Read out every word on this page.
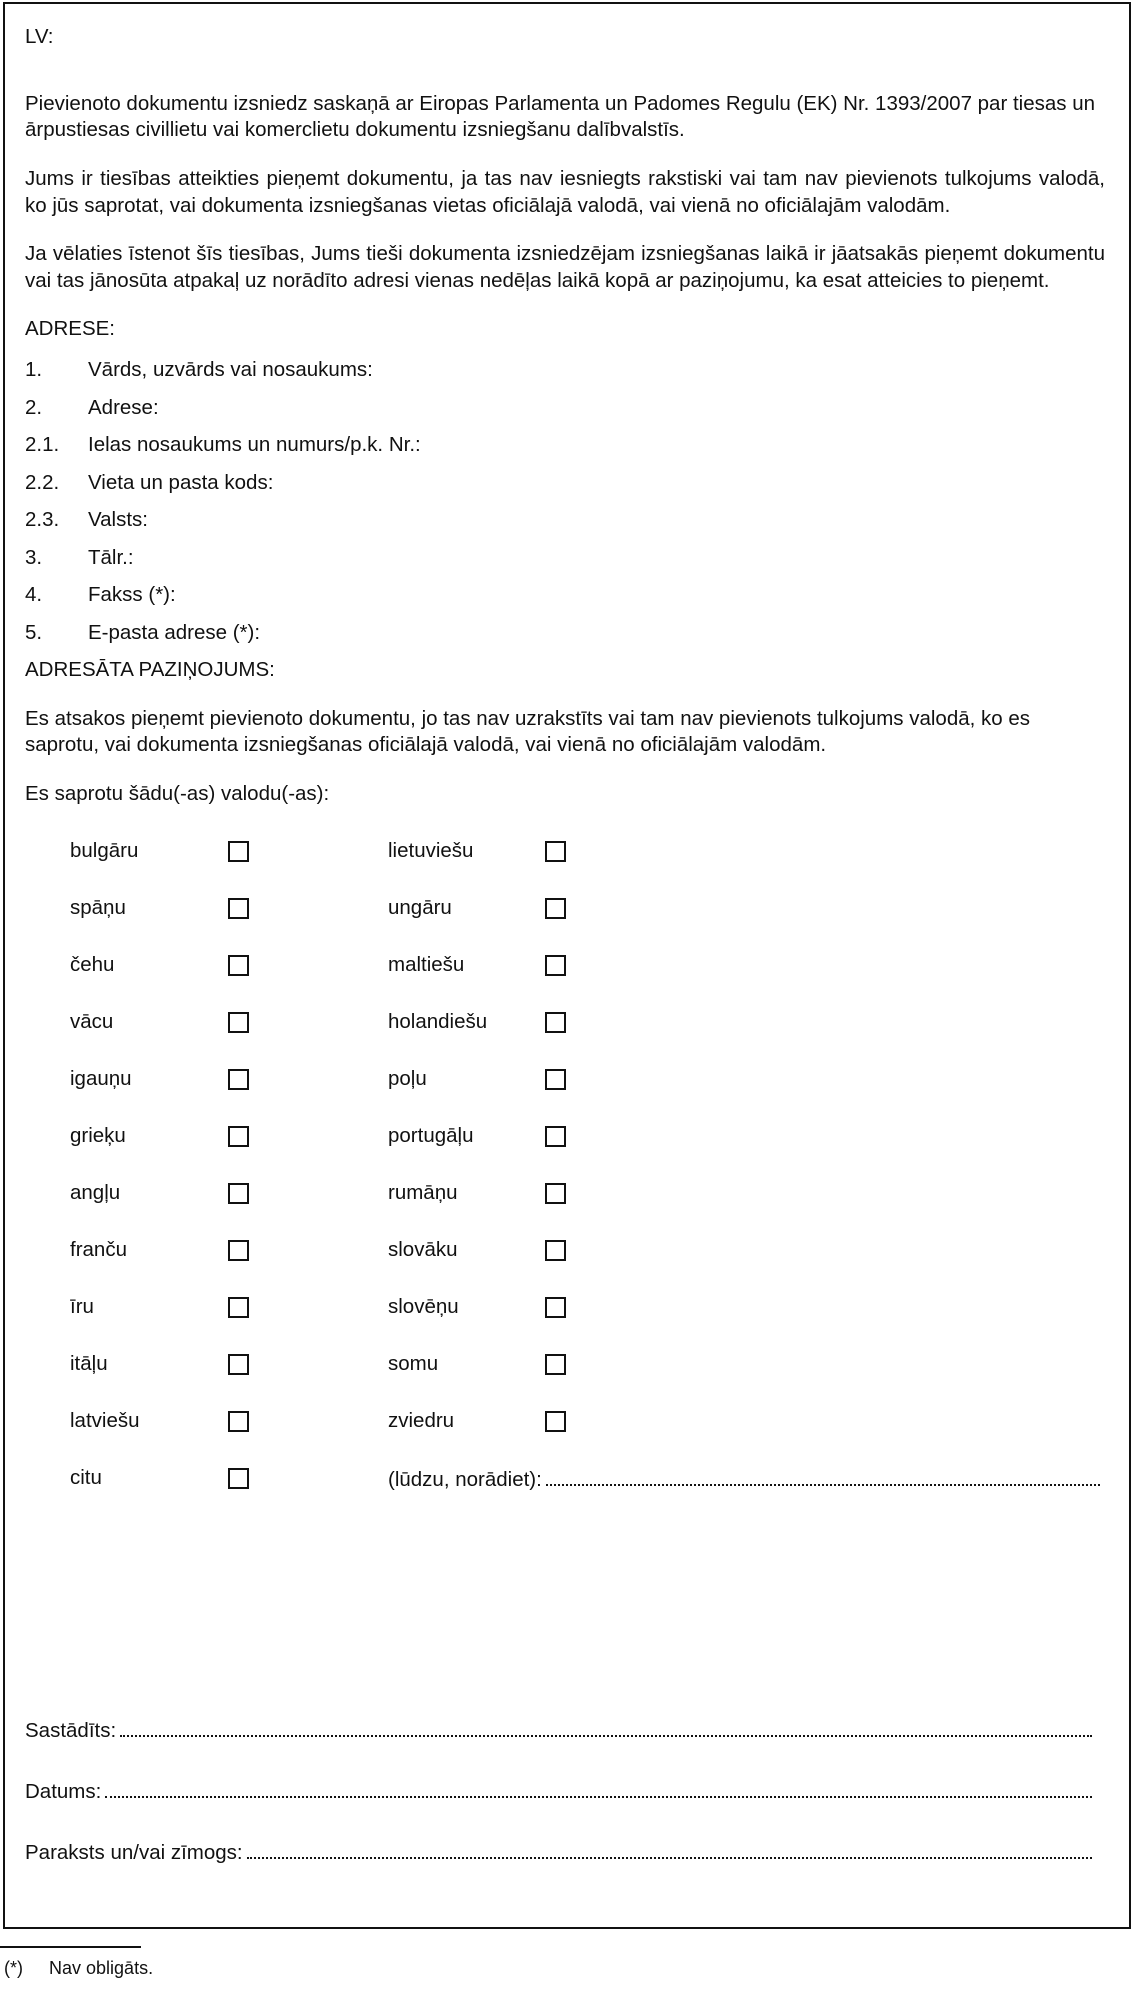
LV:

Pievienoto dokumentu izsniedz saskaņā ar Eiropas Parlamenta un Padomes Regulu (EK) Nr. 1393/2007 par tiesas un ārpustiesas civillietu vai komerclietu dokumentu izsniegšanu dalībvalstīs.

Jums ir tiesības atteikties pieņemt dokumentu, ja tas nav iesniegts rakstiski vai tam nav pievienots tulkojums valodā, ko jūs saprotat, vai dokumenta izsniegšanas vietas oficiālajā valodā, vai vienā no oficiālajām valodām.

Ja vēlaties īstenot šīs tiesības, Jums tieši dokumenta izsniedzējam izsniegšanas laikā ir jāatsakās pieņemt dokumentu vai tas jānosūta atpakaļ uz norādīto adresi vienas nedēļas laikā kopā ar paziņojumu, ka esat atteicies to pieņemt.

ADRESE:

1.	Vārds, uzvārds vai nosaukums:
2.	Adrese:
2.1.	Ielas nosaukums un numurs/p.k. Nr.:
2.2.	Vieta un pasta kods:
2.3.	Valsts:
3.	Tālr.:
4.	Fakss (*):
5.	E-pasta adrese (*):

ADRESĀTA PAZIŅOJUMS:

Es atsakos pieņemt pievienoto dokumentu, jo tas nav uzrakstīts vai tam nav pievienots tulkojums valodā, ko es saprotu, vai dokumenta izsniegšanas oficiālajā valodā, vai vienā no oficiālajām valodām.

Es saprotu šādu(-as) valodu(-as):

bulgāru	lietuviešu
spāņu	ungāru
čehu	maltiešu
vācu	holandiešu
igauņu	poļu
grieķu	portugāļu
angļu	rumāņu
franču	slovāku
īru	slovēņu
itāļu	somu
latviešu	zviedru
citu	(lūdzu, norādiet):
Sastādīts:
Datums:
Paraksts un/vai zīmogs:
(*) Nav obligāts.
